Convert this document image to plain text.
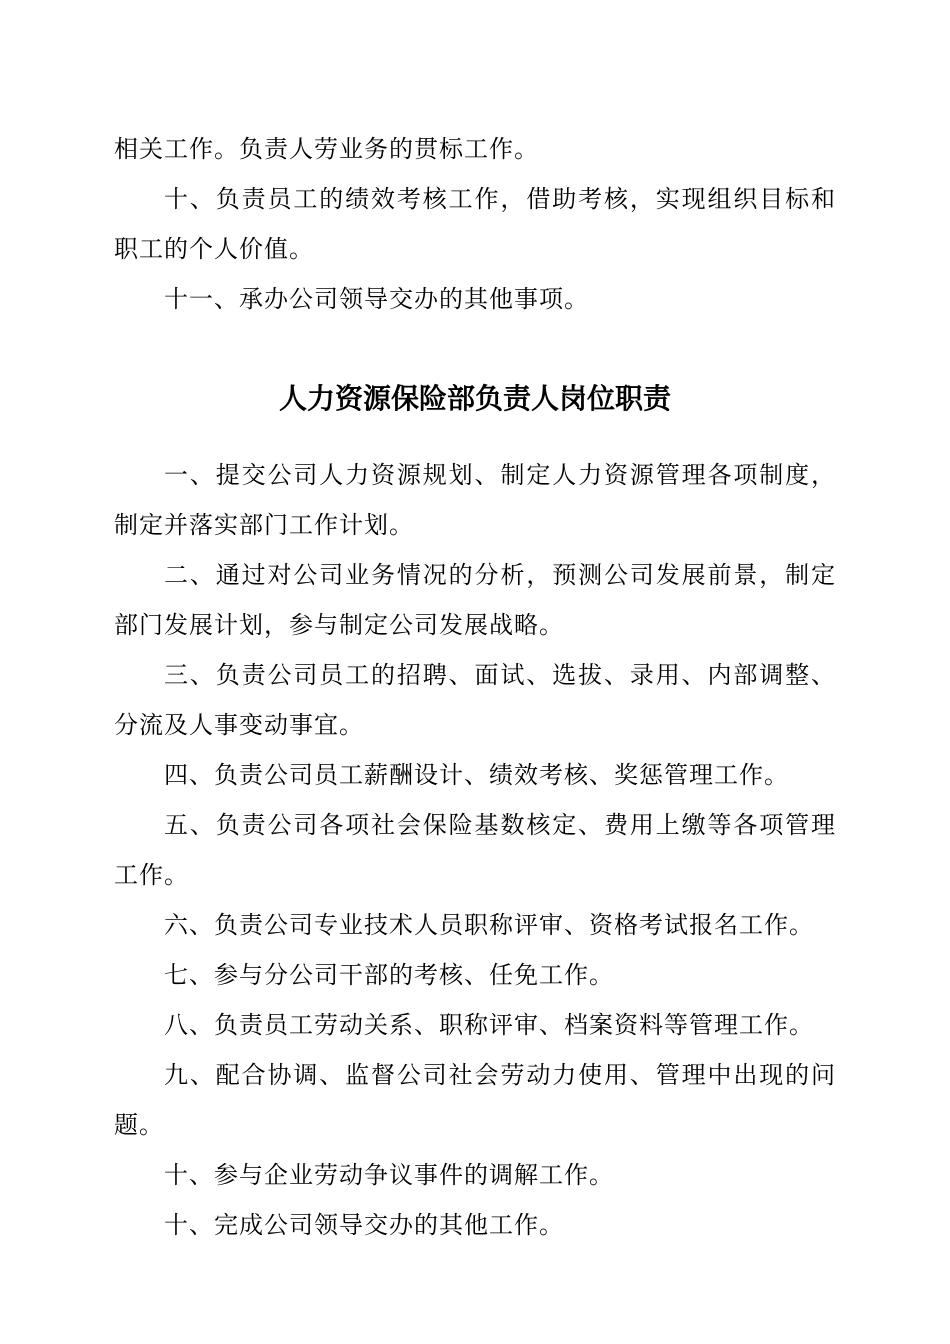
相关工作。负责人劳业务的贯标工作。

十、负责员工的绩效考核工作，借助考核，实现组织目标和职工的个人价值。

十一、承办公司领导交办的其他事项。

人力资源保险部负责人岗位职责

一、提交公司人力资源规划、制定人力资源管理各项制度，制定并落实部门工作计划。

二、通过对公司业务情况的分析，预测公司发展前景，制定部门发展计划，参与制定公司发展战略。

三、负责公司员工的招聘、面试、选拔、录用、内部调整、分流及人事变动事宜。

四、负责公司员工薪酬设计、绩效考核、奖惩管理工作。

五、负责公司各项社会保险基数核定、费用上缴等各项管理工作。

六、负责公司专业技术人员职称评审、资格考试报名工作。

七、参与分公司干部的考核、任免工作。

八、负责员工劳动关系、职称评审、档案资料等管理工作。

九、配合协调、监督公司社会劳动力使用、管理中出现的问题。

十、参与企业劳动争议事件的调解工作。

十、完成公司领导交办的其他工作。
